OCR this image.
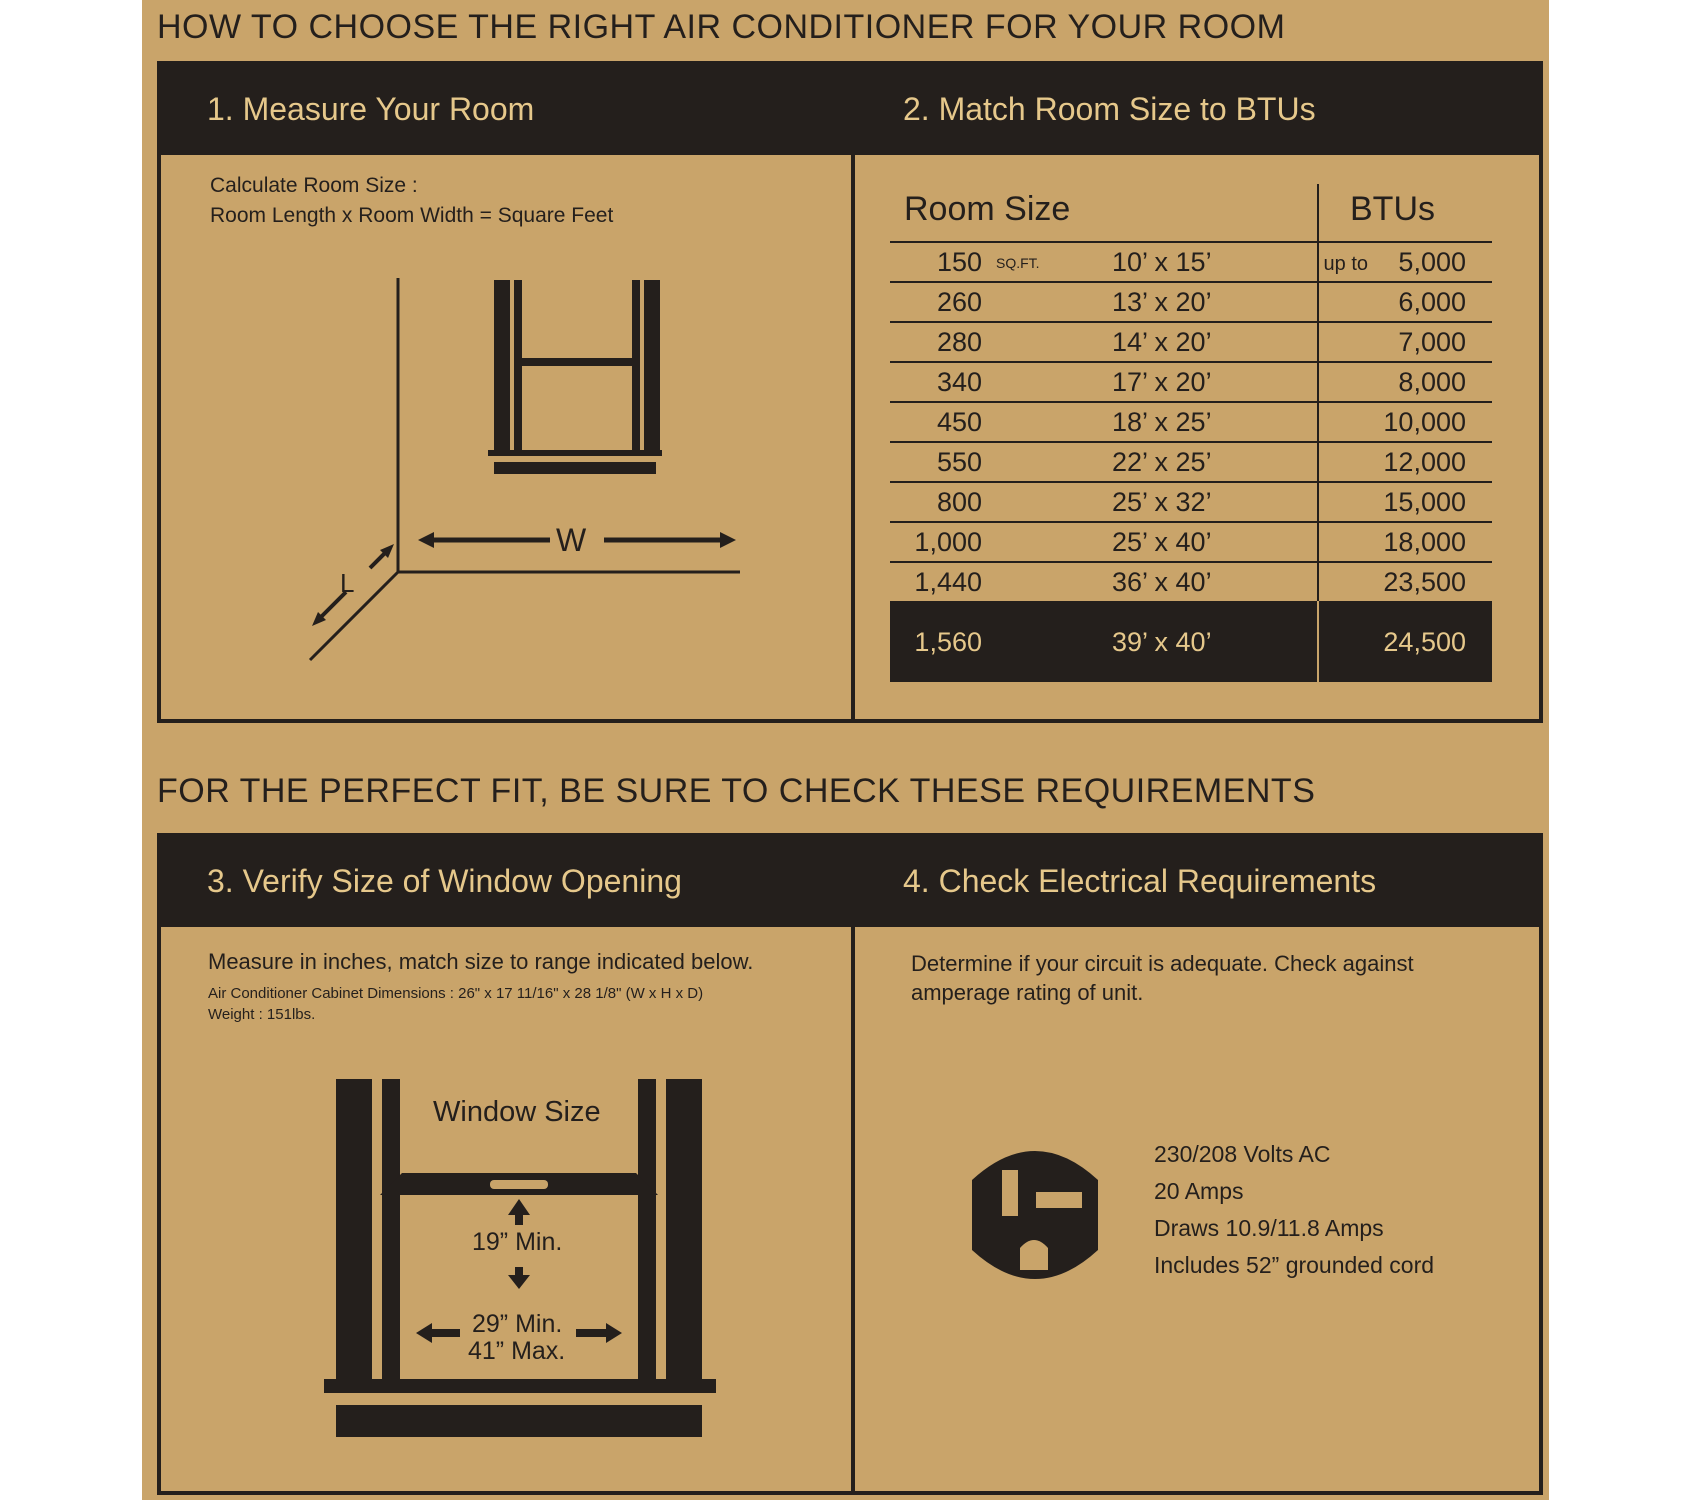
HOW TO CHOOSE THE RIGHT AIR CONDITIONER FOR YOUR ROOM
1. Measure Your Room	2. Match Room Size to BTUs
Calculate Room Size :
Room Length x Room Width = Square Feet
W
L
Room Size	BTUs
150 SQ.FT.	10’ x 15’	up to 5,000
260	13’ x 20’	6,000
280	14’ x 20’	7,000
340	17’ x 20’	8,000
450	18’ x 25’	10,000
550	22’ x 25’	12,000
800	25’ x 32’	15,000
1,000	25’ x 40’	18,000
1,440	36’ x 40’	23,500
1,560	39’ x 40’	24,500
FOR THE PERFECT FIT, BE SURE TO CHECK THESE REQUIREMENTS
3. Verify Size of Window Opening	4. Check Electrical Requirements
Measure in inches, match size to range indicated below.
Air Conditioner Cabinet Dimensions : 26" x 17 11/16" x 28 1/8" (W x H x D)
Weight : 151lbs.
Window Size
19” Min.
29” Min.
41” Max.
Determine if your circuit is adequate. Check against
amperage rating of unit.
230/208 Volts AC
20 Amps
Draws 10.9/11.8 Amps
Includes 52” grounded cord
